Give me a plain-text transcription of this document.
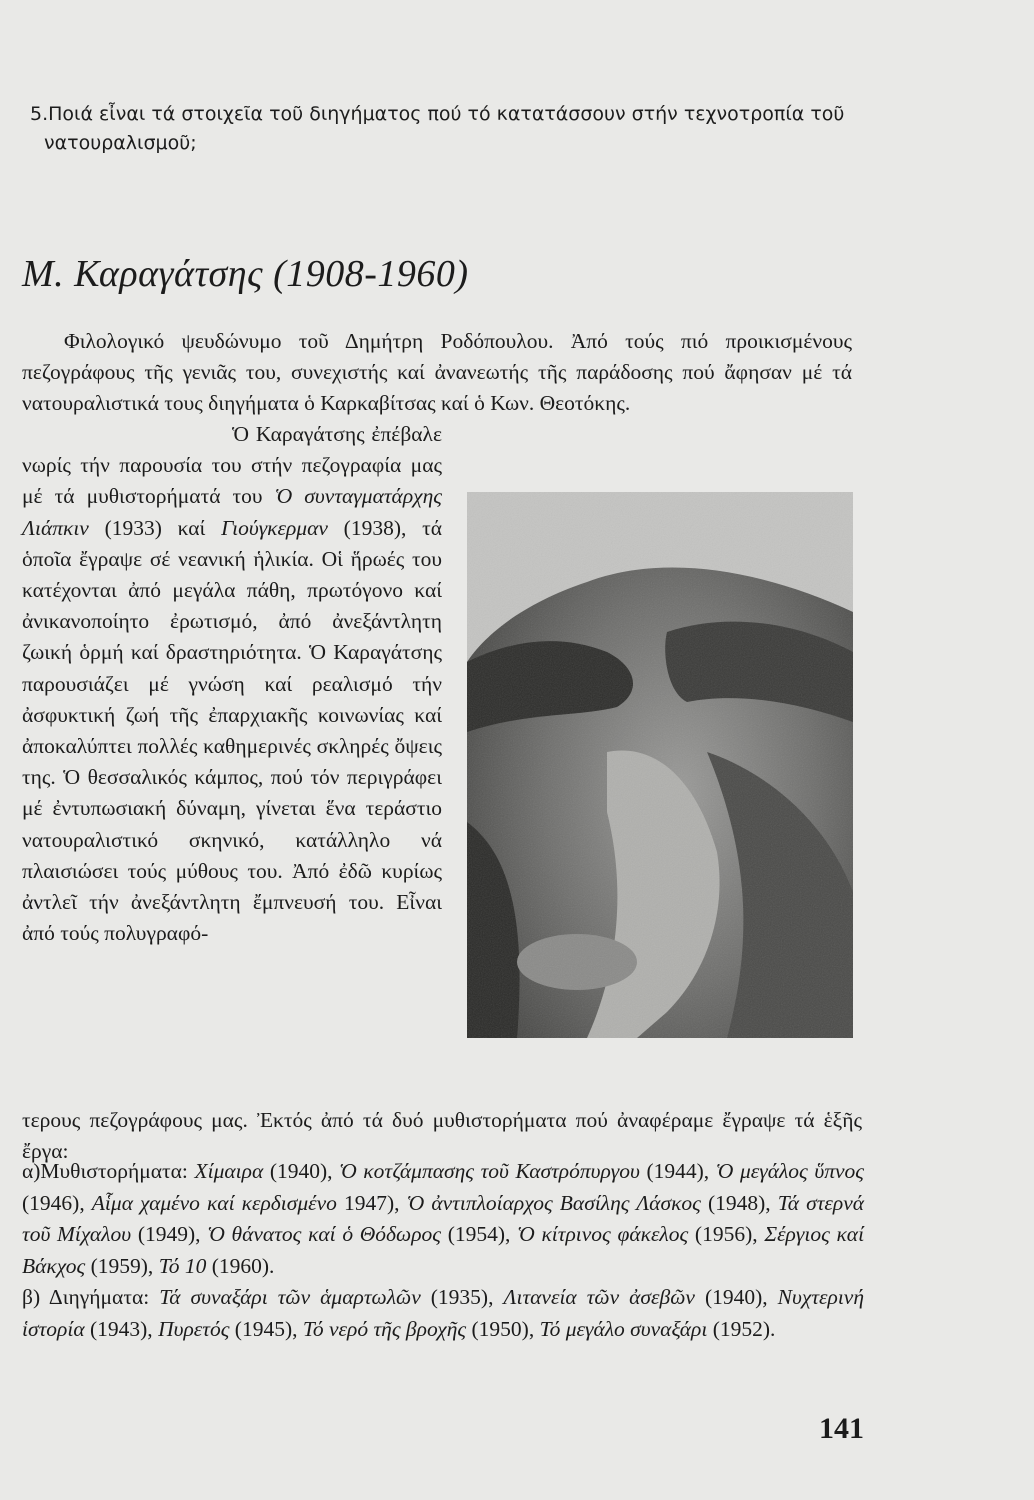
5.Ποιά εἶναι τά στοιχεῖα τοῦ διηγήματος πού τό κατατάσσουν στήν τεχνοτροπία τοῦ
νατουραλισμοῦ;
Μ. Καραγάτσης (1908-1960)

Φιλολογικό ψευδώνυμο τοῦ Δημήτρη Ροδόπουλου. Ἀπό τούς πιό προικισμένους πεζογράφους τῆς γενιᾶς του, συνεχιστής καί ἀνανεωτής τῆς παράδοσης πού ἄφησαν μέ τά νατουραλιστικά τους διηγήματα ὁ Καρκαβίτσας καί ὁ Κων. Θεοτόκης.

Ὁ Καραγάτσης ἐπέβαλε νωρίς τήν παρουσία του στήν πεζογραφία μας μέ τά μυθιστορήματά του Ὁ συνταγματάρχης Λιάπκιν (1933) καί Γιούγκερμαν (1938), τά ὁποῖα ἔγραψε σέ νεανική ἡλικία. Οἱ ἥρωές του κατέχονται ἀπό μεγάλα πάθη, πρωτόγονο καί ἀνικανοποίητο ἐρωτισμό, ἀπό ἀνεξάντλητη ζωική ὁρμή καί δραστηριότητα. Ὁ Καραγάτσης παρουσιάζει μέ γνώση καί ρεαλισμό τήν ἀσφυκτική ζωή τῆς ἐπαρχιακῆς κοινωνίας καί ἀποκαλύπτει πολλές καθημερινές σκληρές ὄψεις της. Ὁ θεσσαλικός κάμπος, πού τόν περιγράφει μέ ἐντυπωσιακή δύναμη, γίνεται ἕνα τεράστιο νατουραλιστικό σκηνικό, κατάλληλο νά πλαισιώσει τούς μύθους του. Ἀπό ἐδῶ κυρίως ἀντλεῖ τήν ἀνεξάντλητη ἔμπνευσή του. Εἶναι ἀπό τούς πολυγραφό-

τερους πεζογράφους μας. Ἐκτός ἀπό τά δυό μυθιστορήματα πού ἀναφέραμε ἔγραψε τά ἑξῆς ἔργα:

α)Μυθιστορήματα: Χίμαιρα (1940), Ὁ κοτζάμπασης τοῦ Καστρόπυργου (1944), Ὁ μεγάλος ὕπνος (1946), Αἷμα χαμένο καί κερδισμένο 1947), Ὁ ἀντιπλοίαρχος Βασίλης Λάσκος (1948), Τά στερνά τοῦ Μίχαλου (1949), Ὁ θάνατος καί ὁ Θόδωρος (1954), Ὁ κίτρινος φάκελος (1956), Σέργιος καί Βάκχος (1959), Τό 10 (1960).
β) Διηγήματα: Τά συναξάρι τῶν ἁμαρτωλῶν (1935), Λιτανεία τῶν ἀσεβῶν (1940), Νυχτερινή ἱστορία (1943), Πυρετός (1945), Τό νερό τῆς βροχῆς (1950), Τό μεγάλο συναξάρι (1952).

141
